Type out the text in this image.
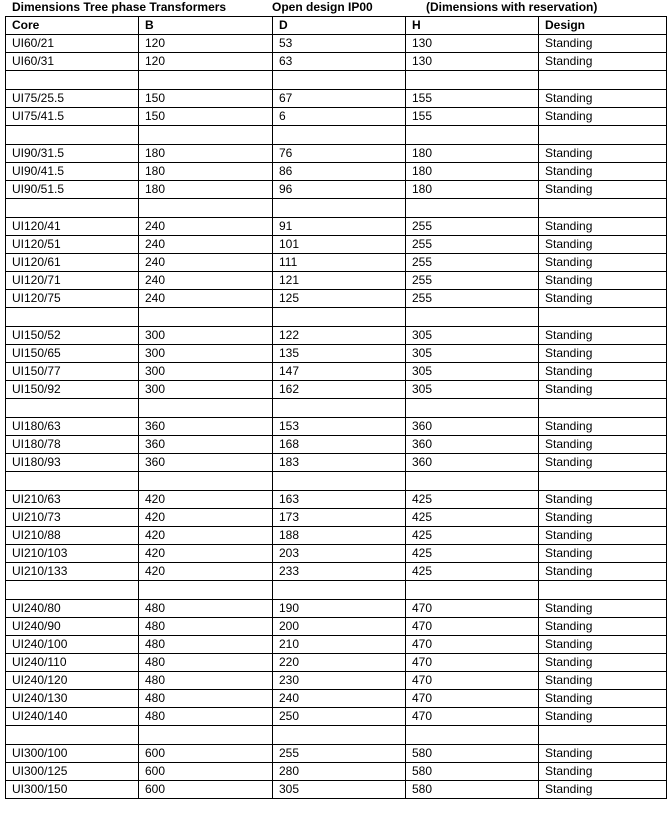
Dimensions Tree phase Transformers	Open design IP00	(Dimensions with reservation)
Core	B	D	H	Design
UI60/21	120	53	130	Standing
UI60/31	120	63	130	Standing

UI75/25.5	150	67	155	Standing
UI75/41.5	150	6	155	Standing

UI90/31.5	180	76	180	Standing
UI90/41.5	180	86	180	Standing
UI90/51.5	180	96	180	Standing

UI120/41	240	91	255	Standing
UI120/51	240	101	255	Standing
UI120/61	240	111	255	Standing
UI120/71	240	121	255	Standing
UI120/75	240	125	255	Standing

UI150/52	300	122	305	Standing
UI150/65	300	135	305	Standing
UI150/77	300	147	305	Standing
UI150/92	300	162	305	Standing

UI180/63	360	153	360	Standing
UI180/78	360	168	360	Standing
UI180/93	360	183	360	Standing

UI210/63	420	163	425	Standing
UI210/73	420	173	425	Standing
UI210/88	420	188	425	Standing
UI210/103	420	203	425	Standing
UI210/133	420	233	425	Standing

UI240/80	480	190	470	Standing
UI240/90	480	200	470	Standing
UI240/100	480	210	470	Standing
UI240/110	480	220	470	Standing
UI240/120	480	230	470	Standing
UI240/130	480	240	470	Standing
UI240/140	480	250	470	Standing

UI300/100	600	255	580	Standing
UI300/125	600	280	580	Standing
UI300/150	600	305	580	Standing
